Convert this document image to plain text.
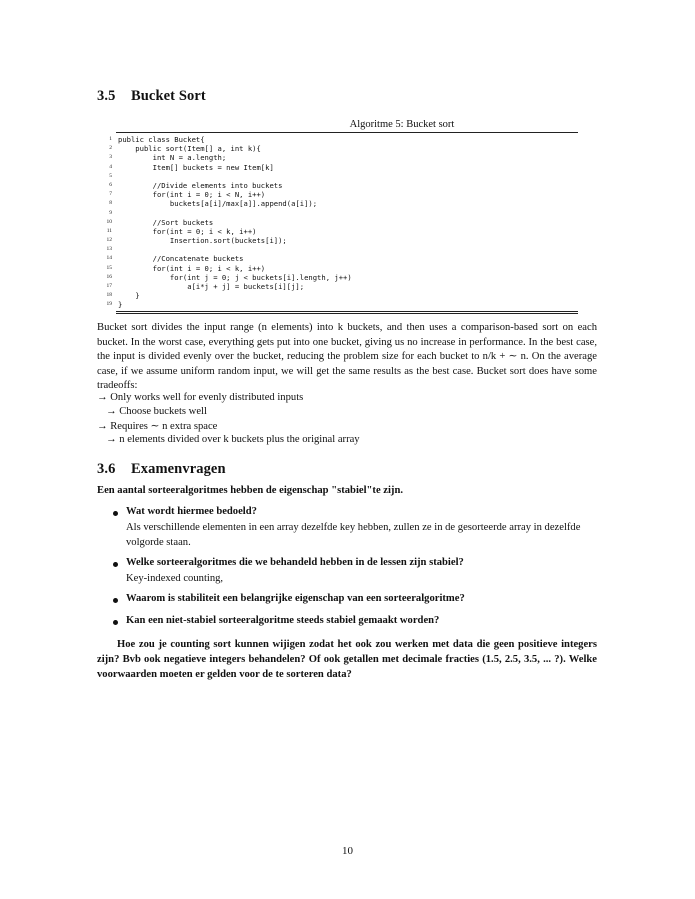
3.5 Bucket Sort
Algoritme 5: Bucket sort
1 public class Bucket{
2 public sort(Item[] a, int k){
3 int N = a.length;
4 Item[] buckets = new Item[k]
5
6 //Divide elements into buckets
7 for(int i = 0; i < N, i++)
8 buckets[a[i]/max[a]].append(a[i]);
9
10 //Sort buckets
11 for(int = 0; i < k, i++)
12 Insertion.sort(buckets[i]);
13
14 //Concatenate buckets
15 for(int i = 0; i < k, i++)
16 for(int j = 0; j < buckets[i].length, j++)
17 a[i*j + j] = buckets[i][j];
18 }
19 }
Bucket sort divides the input range (n elements) into k buckets, and then uses a comparison-based sort on each bucket. In the worst case, everything gets put into one bucket, giving us no increase in performance. In the best case, the input is divided evenly over the bucket, reducing the problem size for each bucket to n/k + ∼ n. On the average case, if we assume uniform random input, we will get the same results as the best case. Bucket sort does have some tradeoffs:
→ Only works well for evenly distributed inputs
→ Choose buckets well
→ Requires ∼ n extra space
→ n elements divided over k buckets plus the original array
3.6 Examenvragen
Een aantal sorteeralgoritmes hebben de eigenschap "stabiel"te zijn.
Wat wordt hiermee bedoeld?
Als verschillende elementen in een array dezelfde key hebben, zullen ze in de gesorteerde array in dezelfde volgorde staan.
Welke sorteeralgoritmes die we behandeld hebben in de lessen zijn stabiel?
Key-indexed counting,
Waarom is stabiliteit een belangrijke eigenschap van een sorteeralgoritme?
Kan een niet-stabiel sorteeralgoritme steeds stabiel gemaakt worden?
Hoe zou je counting sort kunnen wijigen zodat het ook zou werken met data die geen positieve integers zijn? Bvb ook negatieve integers behandelen? Of ook getallen met decimale fracties (1.5, 2.5, 3.5, ... ?). Welke voorwaarden moeten er gelden voor de te sorteren data?
10
